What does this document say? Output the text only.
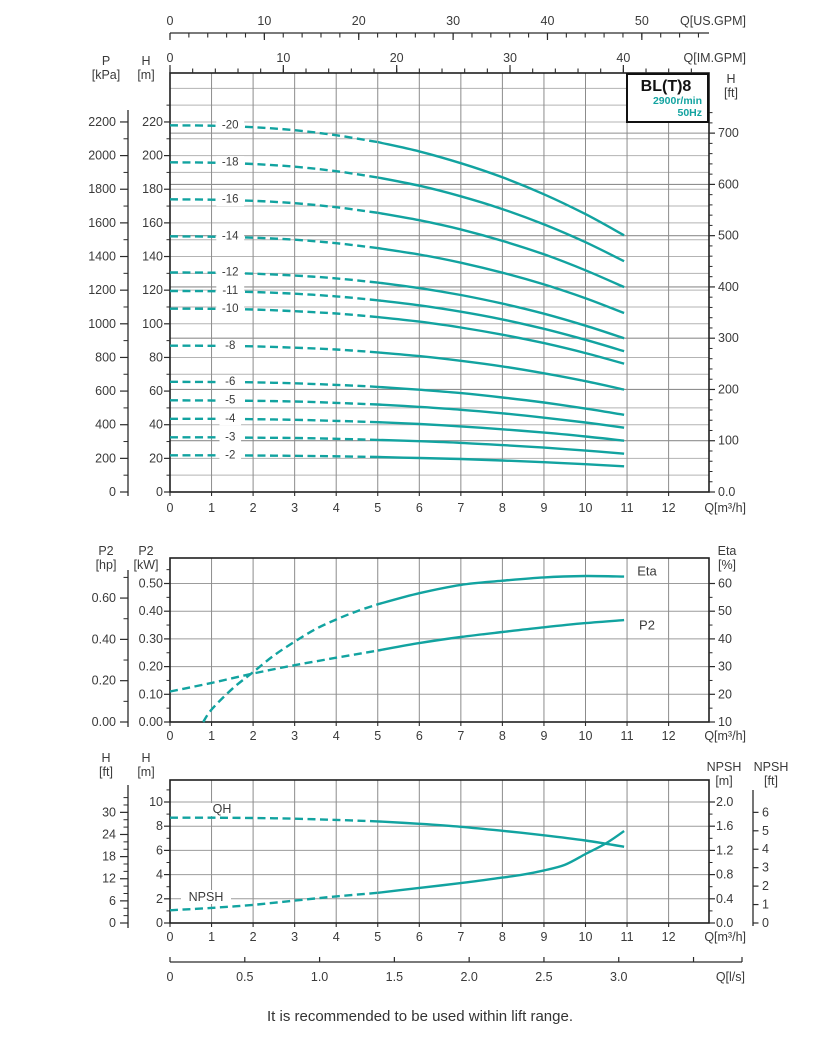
0	10	20	30	40	50 Q[US.GPM]
0	10	20	30	40	Q[IM.GPM]
0	1	2	3	4	5	6	7	8	9 10 11 12 Q[m³/h]
0
20
40
60
80
100
120
140
160
180
200
220
0
200
400
600
800
1000
1200
1400
1600
1800
2000
2200
P
[kPa]
H
[m]	H
[ft]
0.0
100
200
300
400
500
600
700
-20
-18
-16
-14
-12
-11
-10
-8
-6
-5
-4
-3
-2
0.00
0.10
0.20
0.30
0.40
0.50
0.00
0.20
0.40
0.60
P2
[hp]
P2
[kW]
Eta
[%]
10
20
30
40
50
60
0	1	2	3	4	5	6	7	8	9 10 11 12 Q[m³/h]
Eta
P2
0
2
4
6
8
10
0
6
12
18
24
30
H
[ft]
H
[m]	NPSH
[m]
NPSH
[ft]
0.0
0.4
0.8
1.2
1.6
2.0
0
1
2
3
4
5
6
0	1	2	3	4	5	6	7	8	9 10 11 12 Q[m³/h]
0	0.5	1.0	1.5	2.0	2.5	3.0	Q[l/s]
QH
NPSH
BL(T)8
2900r/min
50Hz
It is recommended to be used within lift range.
